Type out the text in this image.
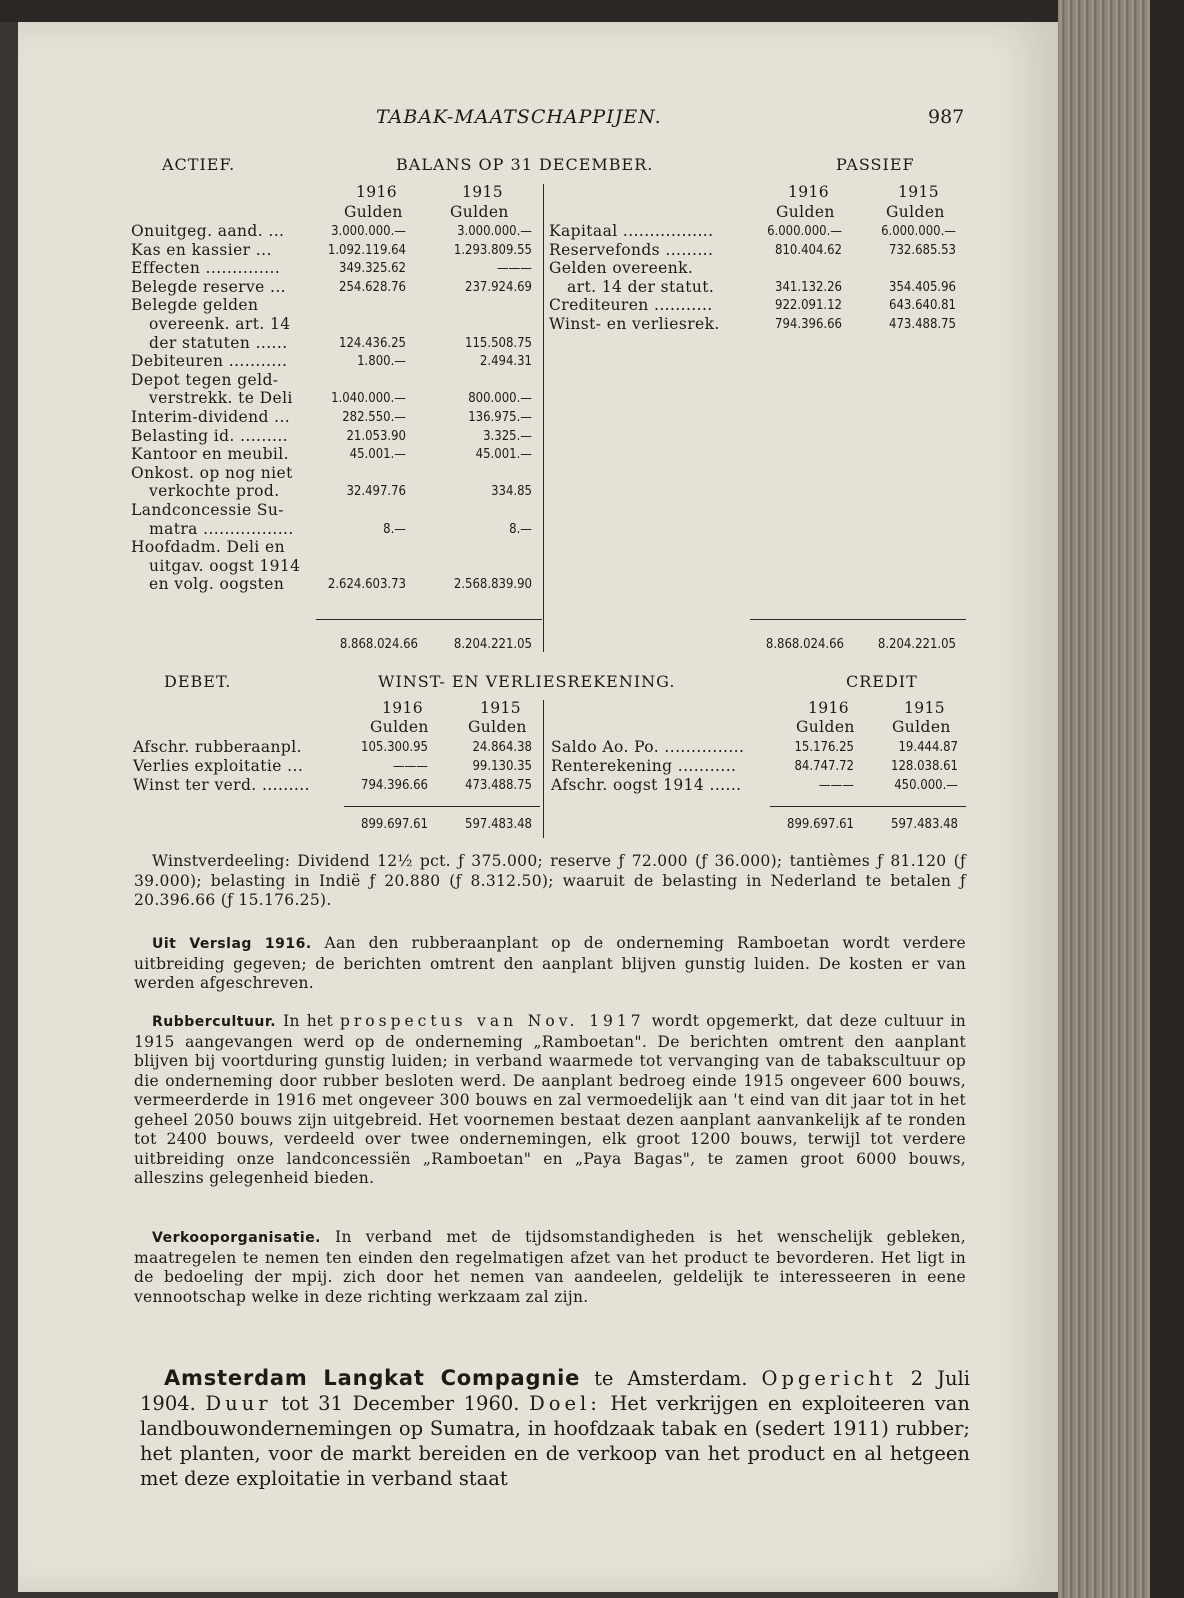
TABAK-MAATSCHAPPIJEN.	987
ACTIEF.	BALANS OP 31 DECEMBER.	PASSIEF
1916	1915
Gulden	Gulden
1916	1915
Gulden	Gulden
Onuitgeg. aand. ...	3.000.000.—	3.000.000.—
Kas en kassier ...	1.092.119.64	1.293.809.55
Effecten ..............	349.325.62	———
Belegde reserve ...	254.628.76	237.924.69
Belegde gelden
overeenk. art. 14
der statuten ......	124.436.25	115.508.75
Debiteuren ...........	1.800.—	2.494.31
Depot tegen geld-
verstrekk. te Deli	1.040.000.—	800.000.—
Interim-dividend ...	282.550.—	136.975.—
Belasting id. .........	21.053.90	3.325.—
Kantoor en meubil.	45.001.—	45.001.—
Onkost. op nog niet
verkochte prod.	32.497.76	334.85
Landconcessie Su-
matra .................	8.—	8.—
Hoofdadm. Deli en
uitgav. oogst 1914
en volg. oogsten	2.624.603.73	2.568.839.90
Kapitaal .................	6.000.000.—	6.000.000.—
Reservefonds .........	810.404.62	732.685.53
Gelden overeenk.
art. 14 der statut.	341.132.26	354.405.96
Crediteuren ...........	922.091.12	643.640.81
Winst- en verliesrek.	794.396.66	473.488.75
8.868.024.66	8.204.221.05	8.868.024.66	8.204.221.05
DEBET.	WINST- EN VERLIESREKENING.	CREDIT
1916	1915
Gulden	Gulden
1916	1915
Gulden Gulden
Afschr. rubberaanpl.	105.300.95	24.864.38
Verlies exploitatie ...	———	99.130.35
Winst ter verd. .........	794.396.66	473.488.75
Saldo Ao. Po. ...............	15.176.25	19.444.87
Renterekening ...........	84.747.72	128.038.61
Afschr. oogst 1914 ......	———	450.000.—
899.697.61	597.483.48	899.697.61	597.483.48
Winstverdeeling: Dividend 12½ pct. ƒ 375.000; reserve ƒ 72.000 (ƒ 36.000); tantièmes ƒ 81.120 (ƒ 39.000); belasting in Indië ƒ 20.880 (ƒ 8.312.50); waaruit de belasting in Nederland te betalen ƒ 20.396.66 (ƒ 15.176.25).
Uit Verslag 1916. Aan den rubberaanplant op de onderneming Ramboetan wordt verdere uitbreiding gegeven; de berichten omtrent den aanplant blijven gunstig luiden. De kosten er van werden afgeschreven.
Rubbercultuur. In het prospectus van Nov. 1917 wordt opgemerkt, dat deze cultuur in 1915 aangevangen werd op de onderneming „Ramboetan". De berichten omtrent den aanplant blijven bij voortduring gunstig luiden; in verband waarmede tot vervanging van de tabakscultuur op die onderneming door rubber besloten werd. De aanplant bedroeg einde 1915 ongeveer 600 bouws, vermeerderde in 1916 met ongeveer 300 bouws en zal vermoedelijk aan 't eind van dit jaar tot in het geheel 2050 bouws zijn uitgebreid. Het voornemen bestaat dezen aanplant aanvankelijk af te ronden tot 2400 bouws, verdeeld over twee ondernemingen, elk groot 1200 bouws, terwijl tot verdere uitbreiding onze landconcessiën „Ramboetan" en „Paya Bagas", te zamen groot 6000 bouws, alleszins gelegenheid bieden.
Verkooporganisatie. In verband met de tijdsomstandigheden is het wenschelijk gebleken, maatregelen te nemen ten einden den regelmatigen afzet van het product te bevorderen. Het ligt in de bedoeling der mpij. zich door het nemen van aandeelen, geldelijk te interesseeren in eene vennootschap welke in deze richting werkzaam zal zijn.
Amsterdam Langkat Compagnie te Amsterdam. Opgericht 2 Juli 1904. Duur tot 31 December 1960. Doel: Het verkrijgen en exploiteeren van landbouwondernemingen op Sumatra, in hoofdzaak tabak en (sedert 1911) rubber; het planten, voor de markt bereiden en de verkoop van het product en al hetgeen met deze exploitatie in verband staat
